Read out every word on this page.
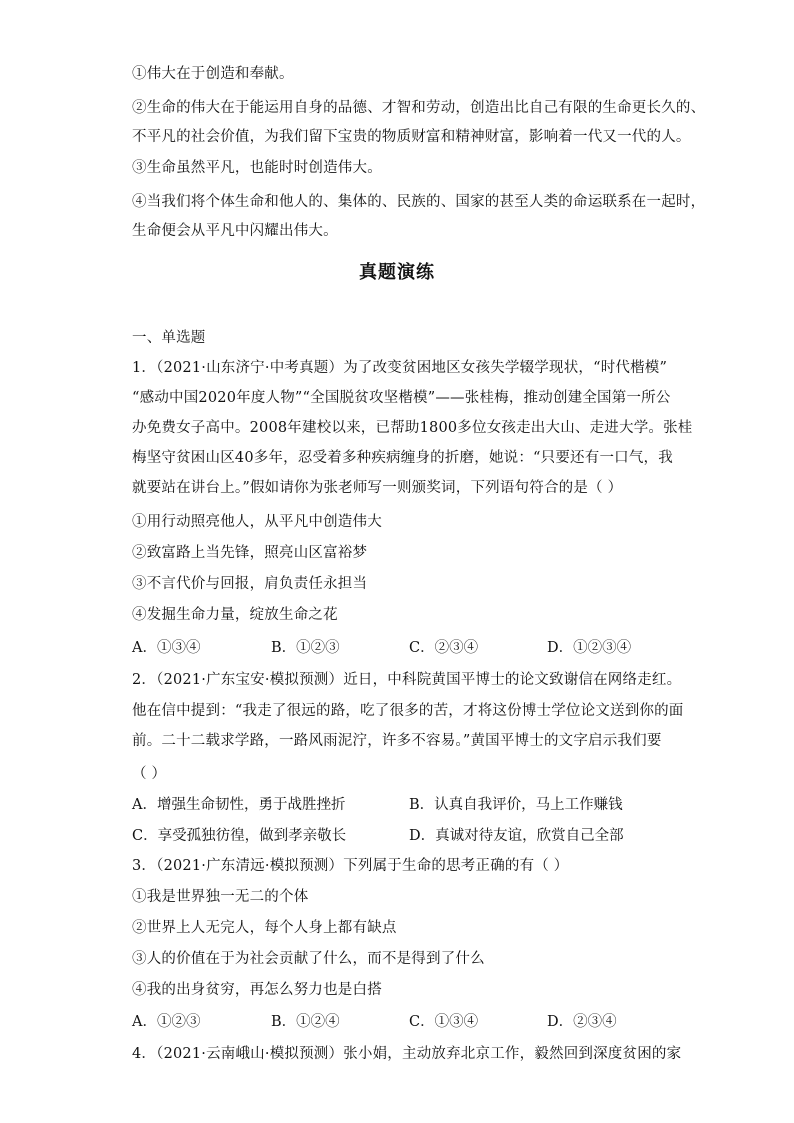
①伟大在于创造和奉献。
②生命的伟大在于能运用自身的品德、才智和劳动，创造出比自己有限的生命更长久的、
不平凡的社会价值，为我们留下宝贵的物质财富和精神财富，影响着一代又一代的人。
③生命虽然平凡，也能时时创造伟大。
④当我们将个体生命和他人的、集体的、民族的、国家的甚至人类的命运联系在一起时，
生命便会从平凡中闪耀出伟大。
真题演练
一、单选题
1．（2021·山东济宁·中考真题）为了改变贫困地区女孩失学辍学现状，“时代楷模”
“感动中国2020年度人物”“全国脱贫攻坚楷模”——张桂梅，推动创建全国第一所公
办免费女子高中。2008年建校以来，已帮助1800多位女孩走出大山、走进大学。张桂
梅坚守贫困山区40多年，忍受着多种疾病缠身的折磨，她说：“只要还有一口气，我
就要站在讲台上。”假如请你为张老师写一则颁奖词，下列语句符合的是（ ）
①用行动照亮他人，从平凡中创造伟大
②致富路上当先锋，照亮山区富裕梦
③不言代价与回报，肩负责任永担当
④发掘生命力量，绽放生命之花
A．①③④	B．①②③	C．②③④	D．①②③④
2．（2021·广东宝安·模拟预测）近日，中科院黄国平博士的论文致谢信在网络走红。
他在信中提到：“我走了很远的路，吃了很多的苦，才将这份博士学位论文送到你的面
前。二十二载求学路，一路风雨泥泞，许多不容易。”黄国平博士的文字启示我们要
（ ）
A．增强生命韧性，勇于战胜挫折	B．认真自我评价，马上工作赚钱
C．享受孤独彷徨，做到孝亲敬长	D．真诚对待友谊，欣赏自己全部
3．（2021·广东清远·模拟预测）下列属于生命的思考正确的有（ ）
①我是世界独一无二的个体
②世界上人无完人，每个人身上都有缺点
③人的价值在于为社会贡献了什么，而不是得到了什么
④我的出身贫穷，再怎么努力也是白搭
A．①②③	B．①②④	C．①③④	D．②③④
4．（2021·云南峨山·模拟预测）张小娟，主动放弃北京工作，毅然回到深度贫困的家
